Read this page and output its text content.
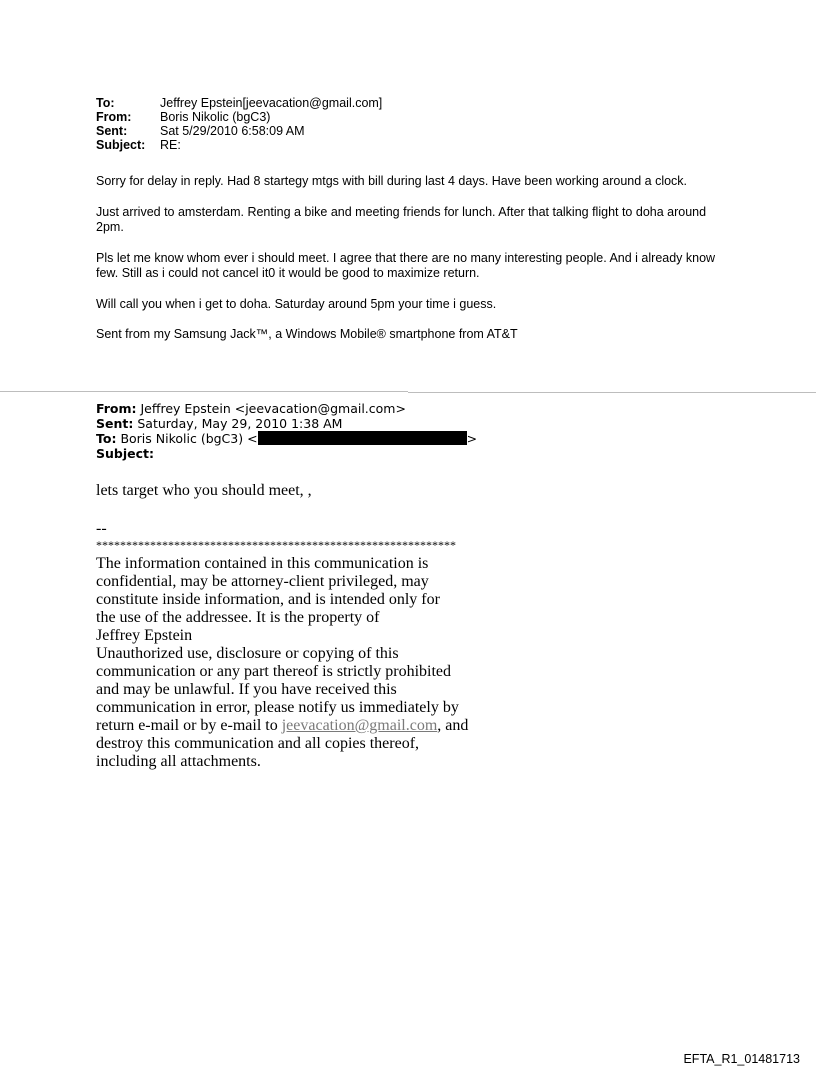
To:	Jeffrey Epstein[jeevacation@gmail.com]
From:	Boris Nikolic (bgC3)
Sent:	Sat 5/29/2010 6:58:09 AM
Subject:	RE:

Sorry for delay in reply. Had 8 startegy mtgs with bill during last 4 days. Have been working around a clock.

Just arrived to amsterdam. Renting a bike and meeting friends for lunch. After that talking flight to doha around 2pm.

Pls let me know whom ever i should meet. I agree that there are no many interesting people. And i already know few. Still as i could not cancel it0 it would be good to maximize return.

Will call you when i get to doha. Saturday around 5pm your time i guess.

Sent from my Samsung Jack™, a Windows Mobile® smartphone from AT&T

From: Jeffrey Epstein <jeevacation@gmail.com>
Sent: Saturday, May 29, 2010 1:38 AM
To: Boris Nikolic (bgC3) <	>
Subject:
lets target who you should meet, ,
--
************************************************************
The information contained in this communication is
confidential, may be attorney-client privileged, may
constitute inside information, and is intended only for
the use of the addressee. It is the property of
Jeffrey Epstein
Unauthorized use, disclosure or copying of this
communication or any part thereof is strictly prohibited
and may be unlawful. If you have received this
communication in error, please notify us immediately by
return e-mail or by e-mail to jeevacation@gmail.com, and
destroy this communication and all copies thereof,
including all attachments.
EFTA_R1_01481713
